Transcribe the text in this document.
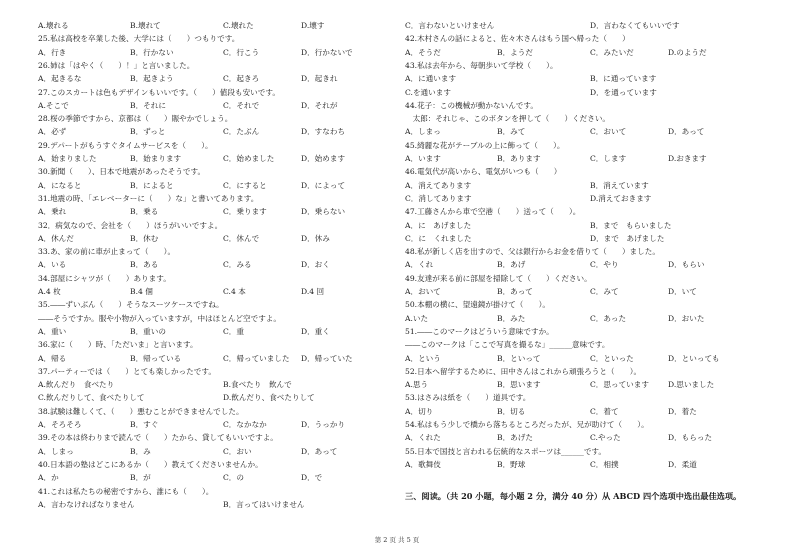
A.壊れる	B.壊れて	C.壊れた	D.壊す
25.私は高校を卒業した後、大学には（　　）つもりです。
A．行き	B．行かない	C．行こう	D．行かないで
26.姉は「はやく（　　）！」と言いました。
A．起きるな	B．起きよう	C．起きろ	D．起きれ
27.このスカートは色もデザインもいいです。（　　）値段も安いです。
A.そこで	B．それに	C．それで	D．それが
28.桜の季節ですから、京都は（　　）賑やかでしょう。
A．必ず	B．ずっと	C．たぶん	D．すなわち
29.デパートがもうすぐタイムサービスを（　　）。
A．始まりました	B．始まります	C．始めました	D．始めます
30.新聞（　　）、日本で地震があったそうです。
A．になると	B．によると	C．にすると	D．によって
31.地震の時、「エレベーターに（　　）な」と書いてあります。
A．乗れ	B．乗る	C．乗ります	D．乗らない
32．病気なので、会社を（　　）ほうがいいですよ。
A．休んだ	B．休む	C．休んで	D．休み
33.あ、家の前に車が止まって（　　）。
A．いる	B．ある	C．みる	D．おく
34.部屋にシャツが（　　）あります。
A.4 枚	B.4 個	C.4 本	D.4 回
35.――ずいぶん（　　）そうなスーツケースですね。
――そうですか。服や小物が入っていますが，中はほとんど空ですよ。
A．重い	B．重いの	C．重	D．重く
36.家に（　　）時、「ただいま」と言います。
A．帰る	B．帰っている	C．帰っていました D．帰っていた
37.パーティーでは（　　）とても楽しかったです。
A.飲んだり　食べたり	B.食べたり　飲んで
C.飲んだりして、食べたりして	D.飲んだり、食べたりして
38.試験は難しくて、（　　）悪むことができませんでした。
A．そろそろ	B．すぐ	C．なかなか	D．うっかり
39.その本は終わりまで読んで（　　）たから、貸してもいいですよ。
A．しまっ	B．み	C．おい	D．あって
40.日本語の塾はどこにあるか（　　）教えてくださいませんか。
A．か	B．が	C．の	D．で
41.これは私たちの秘密ですから、誰にも（　　）。
A．言わなければなりません	B．言ってはいけません
C．言わないといけません	D．言わなくてもいいです
42.木村さんの話によると、佐々木さんはもう国へ帰った（　　）
A．そうだ	B．ようだ	C．みたいだ	D.のようだ
43.私は去年から、毎朝歩いて学校（　　）。
A．に通います	B．に通っています
C.を通います	D．を通っています
44.花子：この機械が動かないんです。
　太郎：それじゃ、このボタンを押して（　　）ください。
A．しまっ	B．みて	C．おいて	D．あって
45.綺麗な花がテーブルの上に飾って（　　）。
A．います	B．あります	C．します	D.おきます
46.電気代が高いから、電気がいつも（　　）
A．消えてあります	B．消えています
C．消してあります	D.消えておきます
47.工藤さんから車で空港（　　）送って（　　）。
A．に　あげました	B．まで　もらいました
C．に　くれました	D．まで　あげました
48.私が新しく店を出すので、父は銀行からお金を借りて（　　）ました。
A．くれ	B．あげ	C．やり	D．もらい
49.友達が来る前に部屋を掃除して（　　）ください。
A．おいて	B．あって	C．みて	D．いて
50.本棚の横に、望遠鏡が掛けて（　　）。
A.いた	B．みた	C．あった	D．おいた
51.――このマークはどういう意味ですか。
――このマークは「ここで写真を撮るな」______意味です。
A．という	B．といって	C．といった	D．といっても
52.日本へ留学するために、田中さんはこれから頑張ろうと（　　）。
A.思う	B．思います	C．思っています	D.思いました
53.はさみは紙を（　　）道具です。
A．切り	B．切る	C．着て	D．着た
54.私はもう少しで橋から落ちるところだったが、兄が助けて（　　）。
A．くれた	B．あげた	C.やった	D．もらった
55.日本で国技と言われる伝統的なスポーツは______です。
A．歌舞伎	B．野球	C．相撲	D．柔道
三、阅读。（共 20 小题，每小题 2 分，满分 40 分）从 ABCD 四个选项中选出最佳选项。
第 2 页 共 5 页
